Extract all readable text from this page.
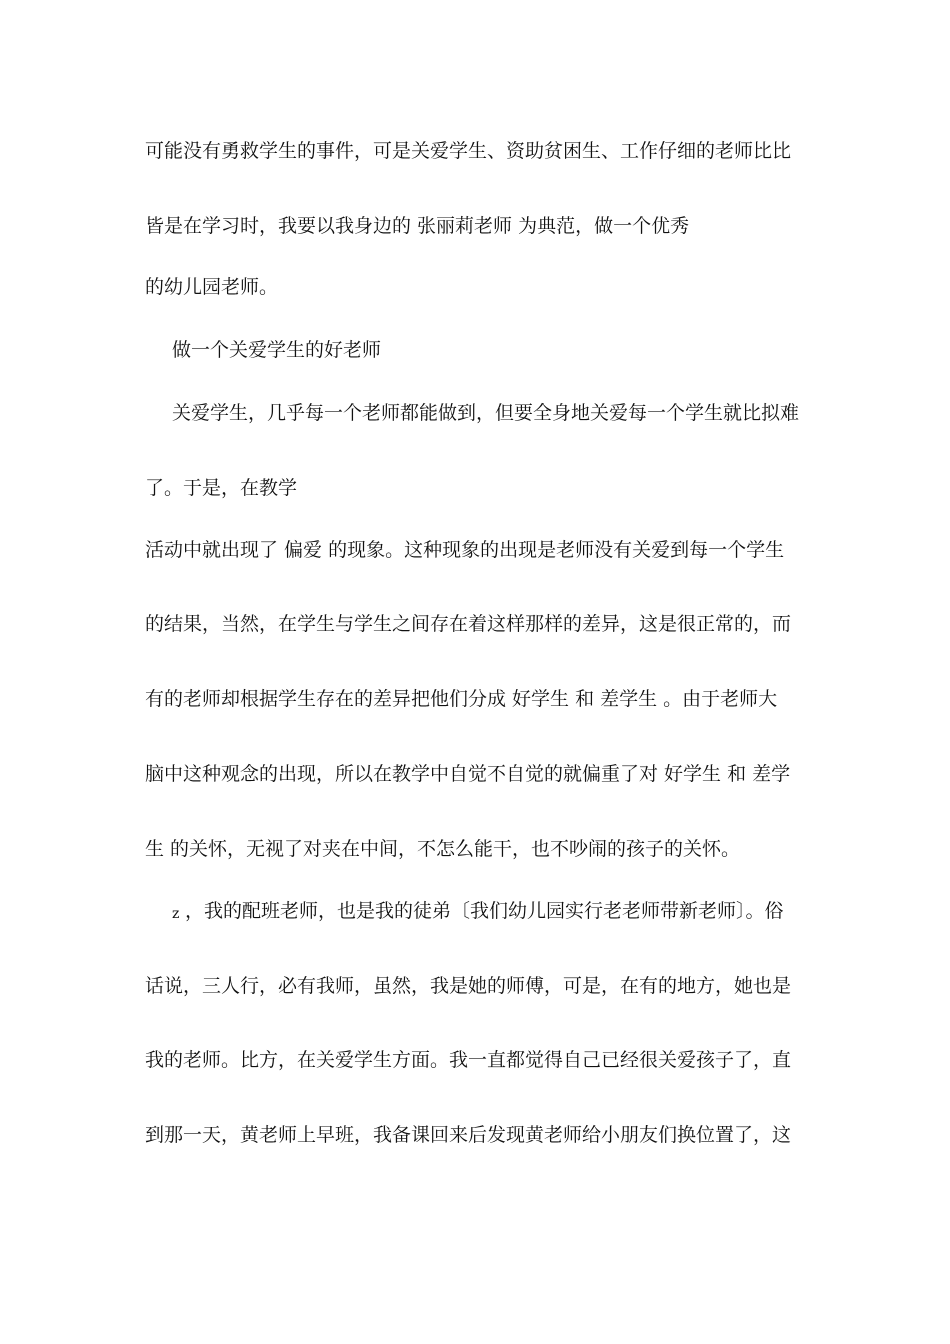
可能没有勇救学生的事件，可是关爱学生、资助贫困生、工作仔细的老师比比
皆是在学习时，我要以我身边的 张丽莉老师 为典范，做一个优秀
的幼儿园老师。
做一个关爱学生的好老师
关爱学生，几乎每一个老师都能做到，但要全身地关爱每一个学生就比拟难
了。于是，在教学
活动中就出现了 偏爱 的现象。这种现象的出现是老师没有关爱到每一个学生
的结果，当然，在学生与学生之间存在着这样那样的差异，这是很正常的，而
有的老师却根据学生存在的差异把他们分成 好学生 和 差学生 。由于老师大
脑中这种观念的出现，所以在教学中自觉不自觉的就偏重了对 好学生 和 差学
生 的关怀，无视了对夹在中间，不怎么能干，也不吵闹的孩子的关怀。
z ，我的配班老师，也是我的徒弟〔我们幼儿园实行老老师带新老师〕。俗
话说，三人行，必有我师，虽然，我是她的师傅，可是，在有的地方，她也是
我的老师。比方，在关爱学生方面。我一直都觉得自己已经很关爱孩子了，直
到那一天，黄老师上早班，我备课回来后发现黄老师给小朋友们换位置了，这
